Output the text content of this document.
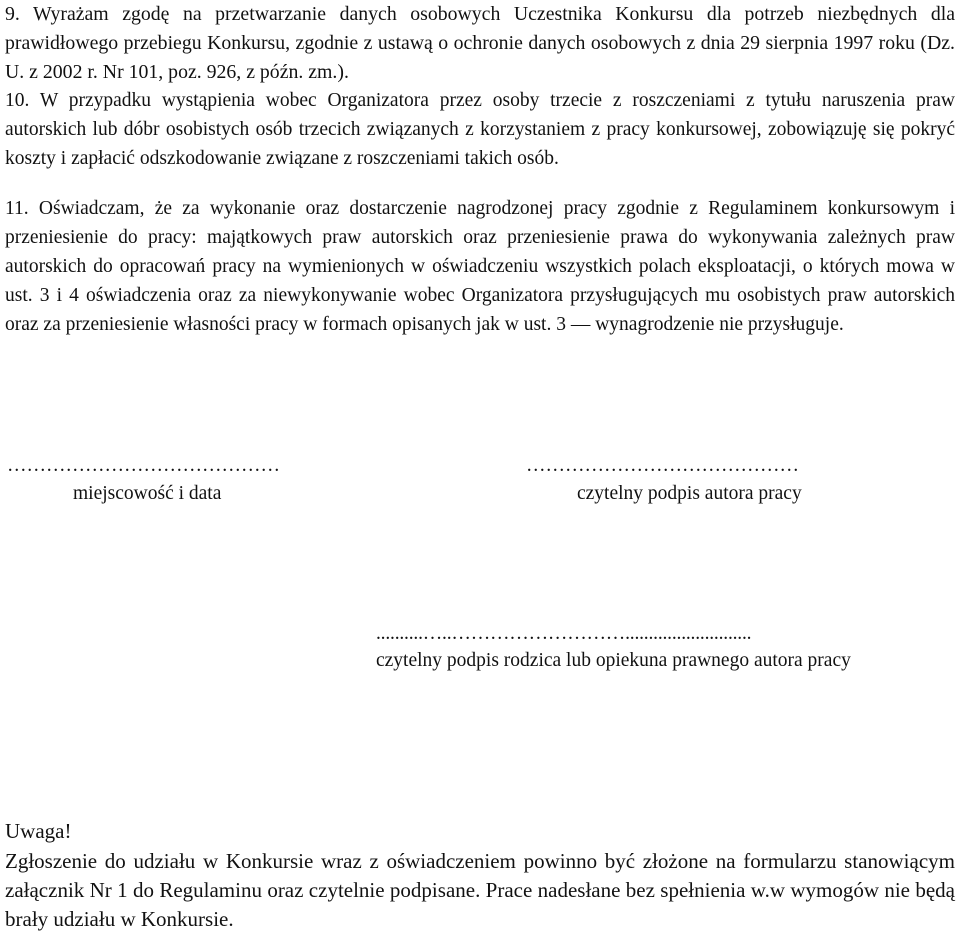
9. Wyrażam zgodę na przetwarzanie danych osobowych Uczestnika Konkursu dla potrzeb niezbędnych dla prawidłowego przebiegu Konkursu, zgodnie z ustawą o ochronie danych osobowych z dnia 29 sierpnia 1997 roku (Dz. U. z 2002 r. Nr 101, poz. 926, z późn. zm.).

10. W przypadku wystąpienia wobec Organizatora przez osoby trzecie z roszczeniami z tytułu naruszenia praw autorskich lub dóbr osobistych osób trzecich związanych z korzystaniem z pracy konkursowej, zobowiązuję się pokryć koszty i zapłacić odszkodowanie związane z roszczeniami takich osób.

11. Oświadczam, że za wykonanie oraz dostarczenie nagrodzonej pracy zgodnie z Regulaminem konkursowym i przeniesienie do pracy: majątkowych praw autorskich oraz przeniesienie prawa do wykonywania zależnych praw autorskich do opracowań pracy na wymienionych w oświadczeniu wszystkich polach eksploatacji, o których mowa w ust. 3 i 4 oświadczenia oraz za niewykonywanie wobec Organizatora przysługujących mu osobistych praw autorskich oraz za przeniesienie własności pracy w formach opisanych jak w ust. 3 — wynagrodzenie nie przysługuje.

……………………………………
miejscowość i data
……………………………………
czytelny podpis autora pracy
..........…..………………………...........................
czytelny podpis rodzica lub opiekuna prawnego autora pracy

Uwaga!

Zgłoszenie do udziału w Konkursie wraz z oświadczeniem powinno być złożone na formularzu stanowiącym załącznik Nr 1 do Regulaminu oraz czytelnie podpisane. Prace nadesłane bez spełnienia w.w wymogów nie będą brały udziału w Konkursie.
